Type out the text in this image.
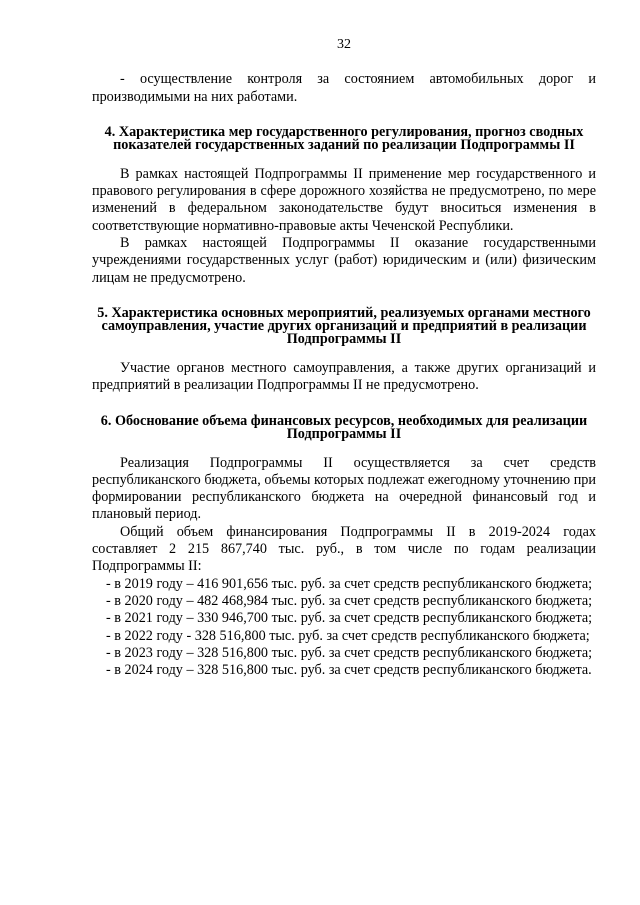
32

- осуществление контроля за состоянием автомобильных дорог и производимыми на них работами.

4. Характеристика мер государственного регулирования, прогноз сводных показателей государственных заданий по реализации Подпрограммы II

В рамках настоящей Подпрограммы II применение мер государственного и правового регулирования в сфере дорожного хозяйства не предусмотрено, по мере изменений в федеральном законодательстве будут вноситься изменения в соответствующие нормативно-правовые акты Чеченской Республики.

В рамках настоящей Подпрограммы II оказание государственными учреждениями государственных услуг (работ) юридическим и (или) физическим лицам не предусмотрено.

5. Характеристика основных мероприятий, реализуемых органами местного самоуправления, участие других организаций и предприятий в реализации Подпрограммы II

Участие органов местного самоуправления, а также других организаций и предприятий в реализации Подпрограммы II не предусмотрено.

6. Обоснование объема финансовых ресурсов, необходимых для реализации Подпрограммы II

Реализация Подпрограммы II осуществляется за счет средств республиканского бюджета, объемы которых подлежат ежегодному уточнению при формировании республиканского бюджета на очередной финансовый год и плановый период.

Общий объем финансирования Подпрограммы II в 2019-2024 годах составляет 2 215 867,740 тыс. руб., в том числе по годам реализации Подпрограммы II:

- в 2019 году – 416 901,656 тыс. руб. за счет средств республиканского бюджета;

- в 2020 году – 482 468,984 тыс. руб. за счет средств республиканского бюджета;

- в 2021 году – 330 946,700 тыс. руб. за счет средств республиканского бюджета;

- в 2022 году - 328 516,800 тыс. руб. за счет средств республиканского бюджета;

- в 2023 году – 328 516,800 тыс. руб. за счет средств республиканского бюджета;

- в 2024 году – 328 516,800 тыс. руб. за счет средств республиканского бюджета.
